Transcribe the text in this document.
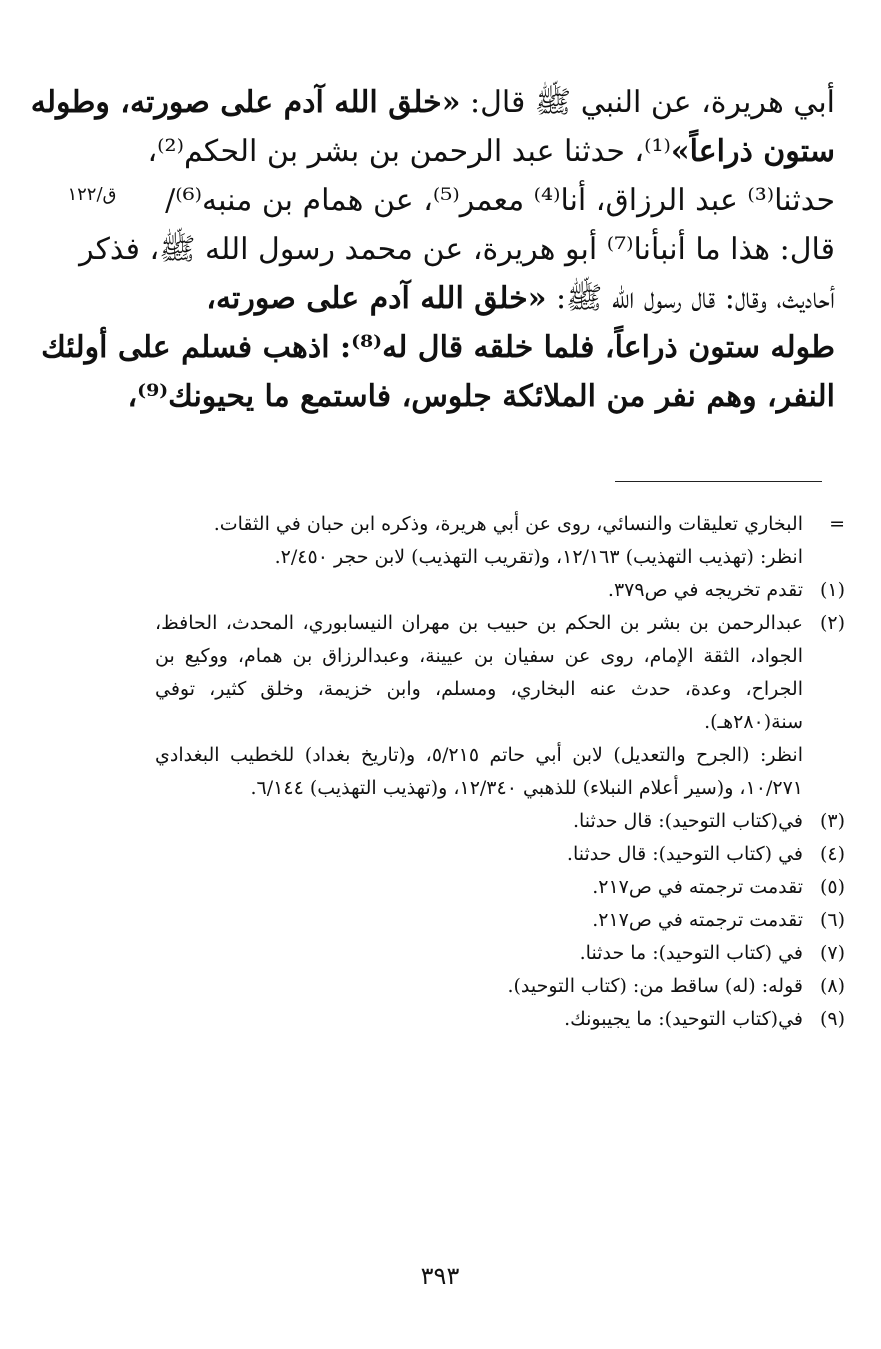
ق/١٢٢
أبي هريرة، عن النبي ﷺ قال: «خلق الله آدم على صورته، وطوله
ستون ذراعاً»⁽¹⁾، حدثنا عبد الرحمن بن بشر بن الحكم⁽²⁾،
حدثنا⁽³⁾ عبد الرزاق، أنا⁽⁴⁾ معمر⁽⁵⁾، عن همام بن منبه⁽⁶⁾/
قال: هذا ما أنبأنا⁽⁷⁾ أبو هريرة، عن محمد رسول الله ﷺ، فذكر
أحاديث، وقال: قال رسول الله ﷺ: «خلق الله آدم على صورته،
طوله ستون ذراعاً، فلما خلقه قال له⁽⁸⁾: اذهب فسلم على أولئك
النفر، وهم نفر من الملائكة جلوس، فاستمع ما يحيونك⁽⁹⁾،
=
البخاري تعليقات والنسائي، روى عن أبي هريرة، وذكره ابن حبان في الثقات.
انظر: (تهذيب التهذيب) ١٢/١٦٣، و(تقريب التهذيب) لابن حجر ٢/٤٥٠.
(١)
تقدم تخريجه في ص٣٧٩.
(٢)
عبدالرحمن بن بشر بن الحكم بن حبيب بن مهران النيسابوري، المحدث، الحافظ، الجواد، الثقة الإمام، روى عن سفيان بن عيينة، وعبدالرزاق بن همام، ووكيع بن الجراح، وعدة، حدث عنه البخاري، ومسلم، وابن خزيمة، وخلق كثير، توفي سنة(٢٨٠هـ).
انظر: (الجرح والتعديل) لابن أبي حاتم ٥/٢١٥، و(تاريخ بغداد) للخطيب البغدادي ١٠/٢٧١، و(سير أعلام النبلاء) للذهبي ١٢/٣٤٠، و(تهذيب التهذيب) ٦/١٤٤.
(٣)
في(كتاب التوحيد): قال حدثنا.
(٤)
في (كتاب التوحيد): قال حدثنا.
(٥)
تقدمت ترجمته في ص٢١٧.
(٦)
تقدمت ترجمته في ص٢١٧.
(٧)
في (كتاب التوحيد): ما حدثنا.
(٨)
قوله: (له) ساقط من: (كتاب التوحيد).
(٩)
في(كتاب التوحيد): ما يجيبونك.
٣٩٣
